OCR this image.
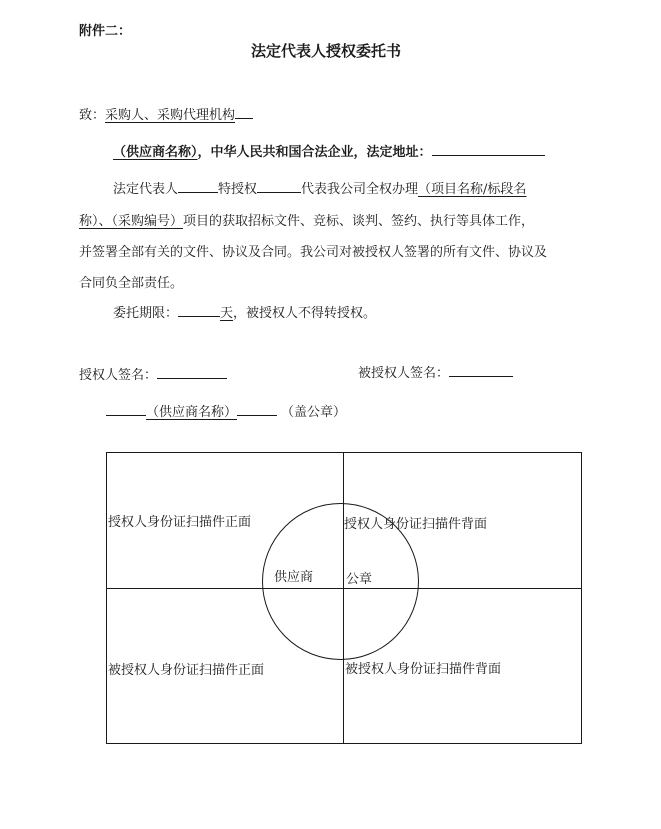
附件二：
法定代表人授权委托书
致：采购人、采购代理机构
（供应商名称），中华人民共和国合法企业，法定地址：
法定代表人	特授权	代表我公司全权办理（项目名称/标段名
称）、（采购编号）项目的获取招标文件、竞标、谈判、签约、执行等具体工作，
并签署全部有关的文件、协议及合同。我公司对被授权人签署的所有文件、协议及
合同负全部责任。
委托期限：	天，被授权人不得转授权。
授权人签名：	被授权人签名：
（供应商名称）	（盖公章）
授权人身份证扫描件正面	授权人身份证扫描件背面
供应商	公章
被授权人身份证扫描件正面	被授权人身份证扫描件背面
